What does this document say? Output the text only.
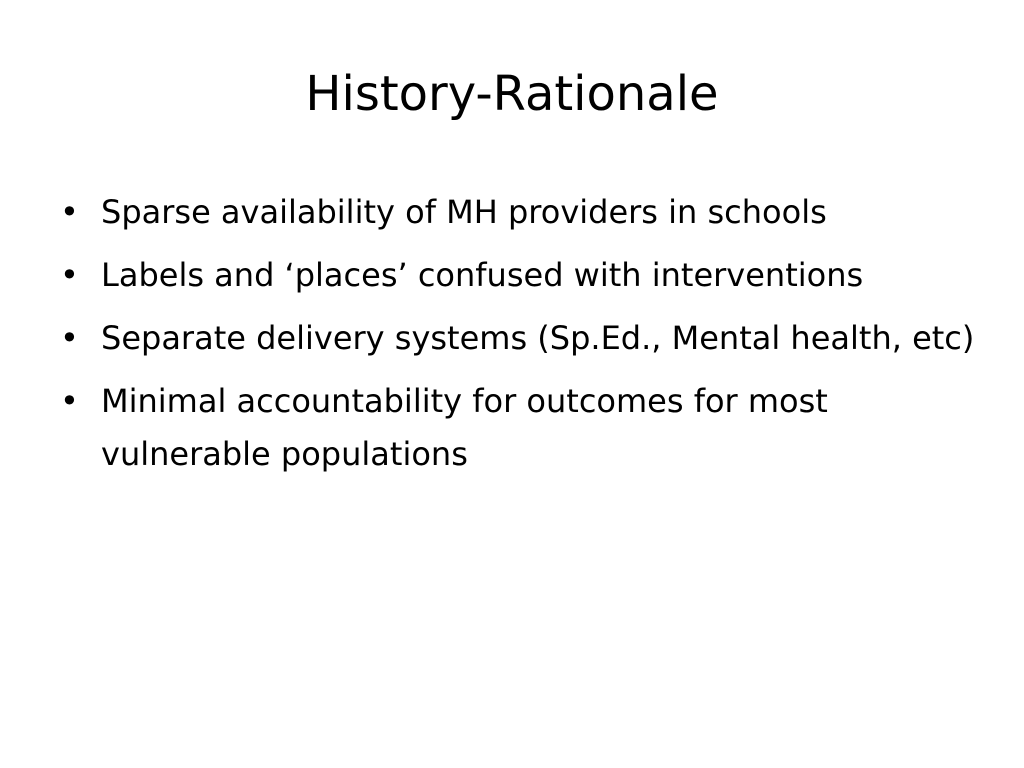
History-Rationale
• Sparse availability of MH providers in schools
• Labels and ‘places’ confused with interventions
• Separate delivery systems (Sp.Ed., Mental health, etc)
• Minimal accountability for outcomes for most vulnerable populations
